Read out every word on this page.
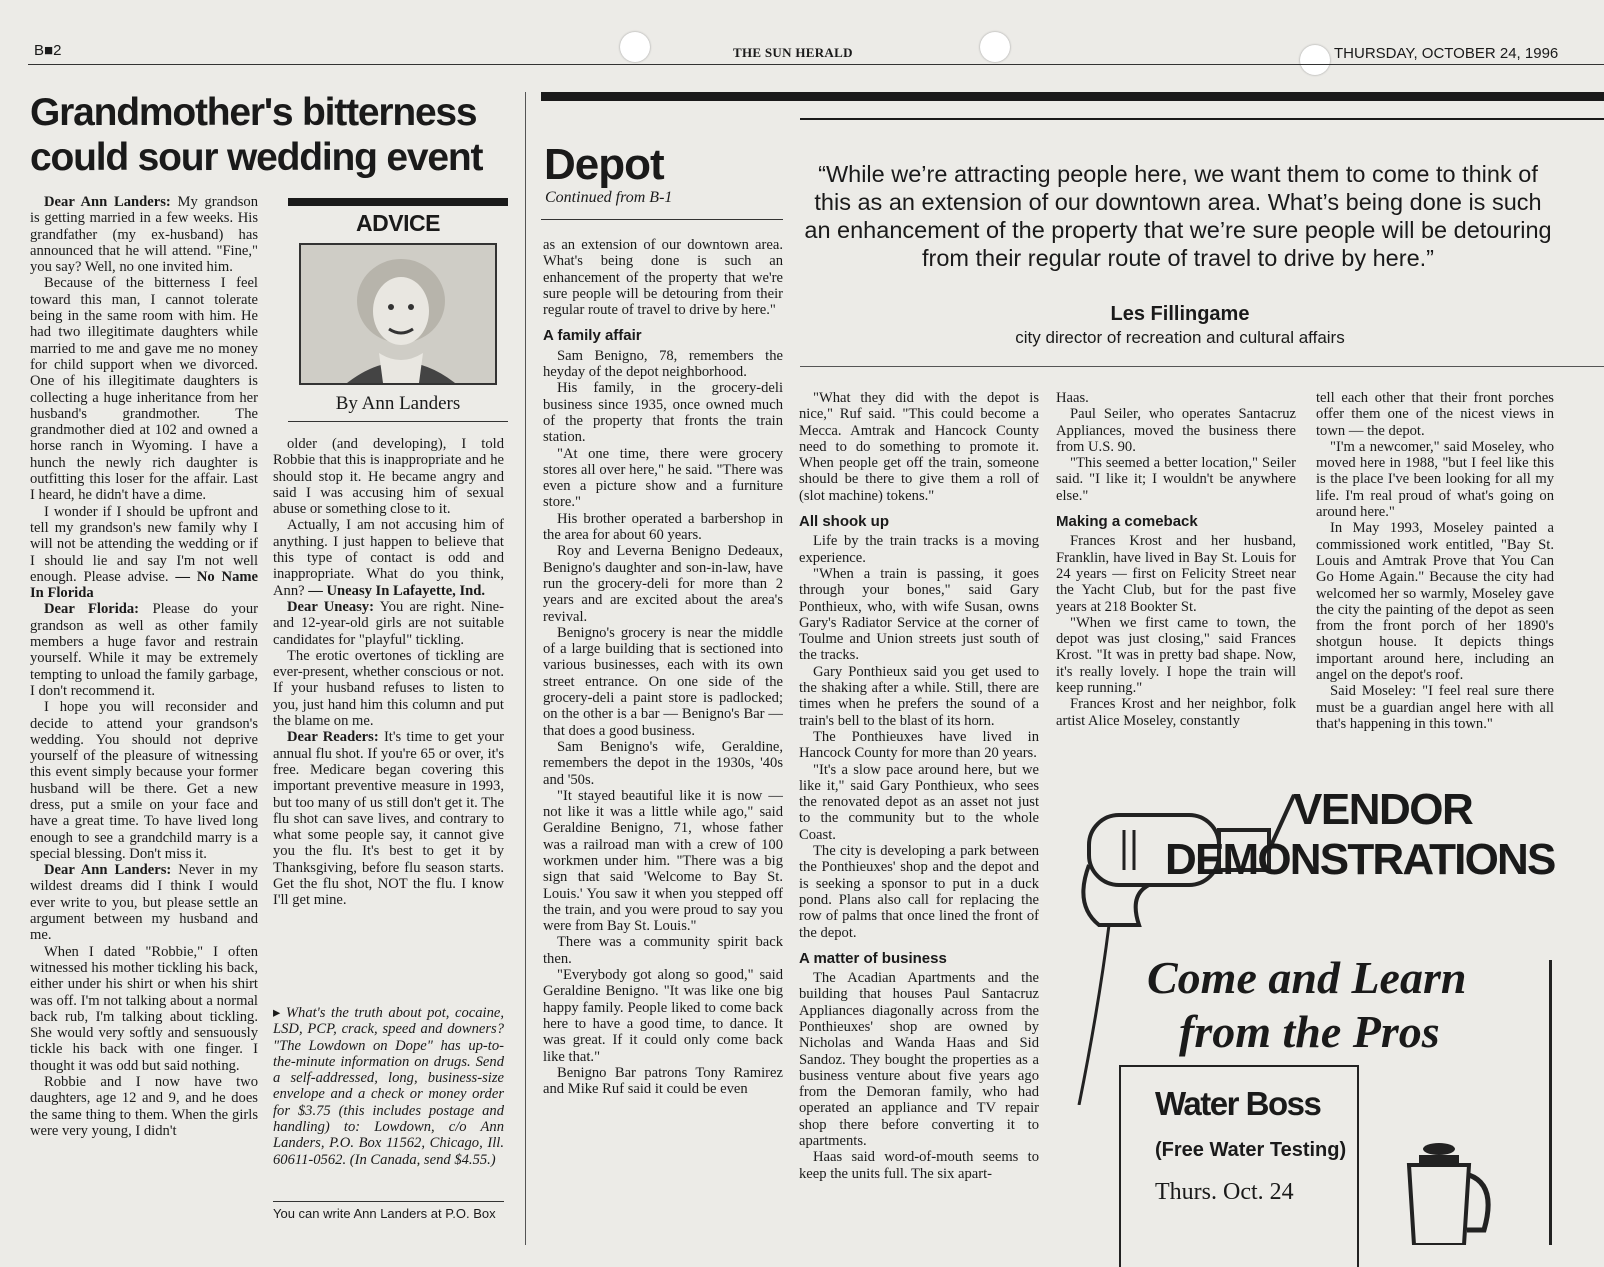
B■2	THE SUN HERALD	THURSDAY, OCTOBER 24, 1996
Grandmother's bitterness
could sour wedding event
ADVICE
By Ann Landers

Dear Ann Landers: My grandson is getting married in a few weeks. His grandfather (my ex-husband) has announced that he will attend. "Fine," you say? Well, no one invited him.

Because of the bitterness I feel toward this man, I cannot tolerate being in the same room with him. He had two illegitimate daughters while married to me and gave me no money for child support when we divorced. One of his illegitimate daughters is collecting a huge inheritance from her husband's grandmother. The grandmother died at 102 and owned a horse ranch in Wyoming. I have a hunch the newly rich daughter is outfitting this loser for the affair. Last I heard, he didn't have a dime.

I wonder if I should be upfront and tell my grandson's new family why I will not be attending the wedding or if I should lie and say I'm not well enough. Please advise. — No Name In Florida

Dear Florida: Please do your grandson as well as other family members a huge favor and restrain yourself. While it may be extremely tempting to unload the family garbage, I don't recommend it.

I hope you will reconsider and decide to attend your grandson's wedding. You should not deprive yourself of the pleasure of witnessing this event simply because your former husband will be there. Get a new dress, put a smile on your face and have a great time. To have lived long enough to see a grandchild marry is a special blessing. Don't miss it.

Dear Ann Landers: Never in my wildest dreams did I think I would ever write to you, but please settle an argument between my husband and me.

When I dated "Robbie," I often witnessed his mother tickling his back, either under his shirt or when his shirt was off. I'm not talking about a normal back rub, I'm talking about tickling. She would very softly and sensuously tickle his back with one finger. I thought it was odd but said nothing.

Robbie and I now have two daughters, age 12 and 9, and he does the same thing to them. When the girls were very young, I didn't

older (and developing), I told Robbie that this is inappropriate and he should stop it. He became angry and said I was accusing him of sexual abuse or something close to it.

Actually, I am not accusing him of anything. I just happen to believe that this type of contact is odd and inappropriate. What do you think, Ann? — Uneasy In Lafayette, Ind.

Dear Uneasy: You are right. Nine- and 12-year-old girls are not suitable candidates for "playful" tickling.

The erotic overtones of tickling are ever-present, whether conscious or not. If your husband refuses to listen to you, just hand him this column and put the blame on me.

Dear Readers: It's time to get your annual flu shot. If you're 65 or over, it's free. Medicare began covering this important preventive measure in 1993, but too many of us still don't get it. The flu shot can save lives, and contrary to what some people say, it cannot give you the flu. It's best to get it by Thanksgiving, before flu season starts. Get the flu shot, NOT the flu. I know I'll get mine.

▸ What's the truth about pot, cocaine, LSD, PCP, crack, speed and downers? "The Lowdown on Dope" has up-to-the-minute information on drugs. Send a self-addressed, long, business-size envelope and a check or money order for $3.75 (this includes postage and handling) to: Lowdown, c/o Ann Landers, P.O. Box 11562, Chicago, Ill. 60611-0562. (In Canada, send $4.55.)
You can write Ann Landers at P.O. Box
Depot
Continued from B-1
“While we’re attracting people here, we want them to come to think of this as an extension of our downtown area. What’s being done is such an enhancement of the property that we’re sure people will be detouring from their regular route of travel to drive by here.”
Les Fillingame
city director of recreation and cultural affairs

as an extension of our downtown area. What's being done is such an enhancement of the property that we're sure people will be detouring from their regular route of travel to drive by here."

A family affair

Sam Benigno, 78, remembers the heyday of the depot neighborhood.

His family, in the grocery-deli business since 1935, once owned much of the property that fronts the train station.

"At one time, there were grocery stores all over here," he said. "There was even a picture show and a furniture store."

His brother operated a barbershop in the area for about 60 years.

Roy and Leverna Benigno Dedeaux, Benigno's daughter and son-in-law, have run the grocery-deli for more than 2 years and are excited about the area's revival.

Benigno's grocery is near the middle of a large building that is sectioned into various businesses, each with its own street entrance. On one side of the grocery-deli a paint store is padlocked; on the other is a bar — Benigno's Bar — that does a good business.

Sam Benigno's wife, Geraldine, remembers the depot in the 1930s, '40s and '50s.

"It stayed beautiful like it is now — not like it was a little while ago," said Geraldine Benigno, 71, whose father was a railroad man with a crew of 100 workmen under him. "There was a big sign that said 'Welcome to Bay St. Louis.' You saw it when you stepped off the train, and you were proud to say you were from Bay St. Louis."

There was a community spirit back then.

"Everybody got along so good," said Geraldine Benigno. "It was like one big happy family. People liked to come back here to have a good time, to dance. It was great. If it could only come back like that."

Benigno Bar patrons Tony Ramirez and Mike Ruf said it could be even

"What they did with the depot is nice," Ruf said. "This could become a Mecca. Amtrak and Hancock County need to do something to promote it. When people get off the train, someone should be there to give them a roll of (slot machine) tokens."

All shook up

Life by the train tracks is a moving experience.

"When a train is passing, it goes through your bones," said Gary Ponthieux, who, with wife Susan, owns Gary's Radiator Service at the corner of Toulme and Union streets just south of the tracks.

Gary Ponthieux said you get used to the shaking after a while. Still, there are times when he prefers the sound of a train's bell to the blast of its horn.

The Ponthieuxes have lived in Hancock County for more than 20 years.

"It's a slow pace around here, but we like it," said Gary Ponthieux, who sees the renovated depot as an asset not just to the community but to the whole Coast.

The city is developing a park between the Ponthieuxes' shop and the depot and is seeking a sponsor to put in a duck pond. Plans also call for replacing the row of palms that once lined the front of the depot.

A matter of business

The Acadian Apartments and the building that houses Paul Santacruz Appliances diagonally across from the Ponthieuxes' shop are owned by Nicholas and Wanda Haas and Sid Sandoz. They bought the properties as a business venture about five years ago from the Demoran family, who had operated an appliance and TV repair shop there before converting it to apartments.

Haas said word-of-mouth seems to keep the units full. The six apart-

Haas.

Paul Seiler, who operates Santacruz Appliances, moved the business there from U.S. 90.

"This seemed a better location," Seiler said. "I like it; I wouldn't be anywhere else."

Making a comeback

Frances Krost and her husband, Franklin, have lived in Bay St. Louis for 24 years — first on Felicity Street near the Yacht Club, but for the past five years at 218 Bookter St.

"When we first came to town, the depot was just closing," said Frances Krost. "It was in pretty bad shape. Now, it's really lovely. I hope the train will keep running."

Frances Krost and her neighbor, folk artist Alice Moseley, constantly

tell each other that their front porches offer them one of the nicest views in town — the depot.

"I'm a newcomer," said Moseley, who moved here in 1988, "but I feel like this is the place I've been looking for all my life. I'm real proud of what's going on around here."

In May 1993, Moseley painted a commissioned work entitled, "Bay St. Louis and Amtrak Prove that You Can Go Home Again." Because the city had welcomed her so warmly, Moseley gave the city the painting of the depot as seen from the front porch of her 1890's shotgun house. It depicts things important around here, including an angel on the depot's roof.

Said Moseley: "I feel real sure there must be a guardian angel here with all that's happening in this town."

VENDOR
DEMONSTRATIONS
Come and Learn
from the Pros
Water Boss
(Free Water Testing)
Thurs. Oct. 24
